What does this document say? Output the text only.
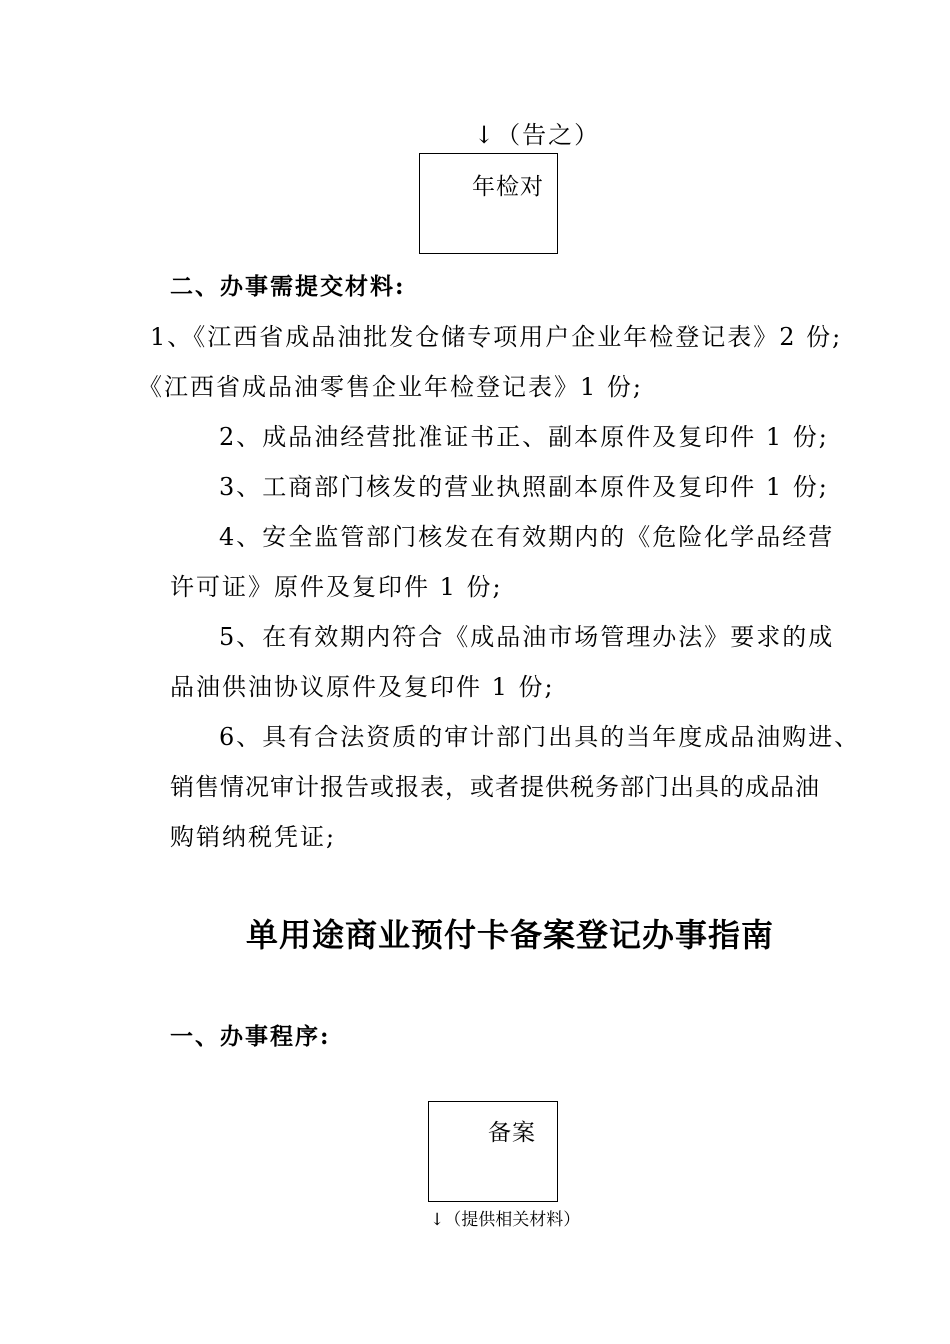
↓（告之）
年检对
二、办事需提交材料:
1、《江西省成品油批发仓储专项用户企业年检登记表》2 份;
《江西省成品油零售企业年检登记表》1 份;
2、成品油经营批准证书正、副本原件及复印件 1 份;
3、工商部门核发的营业执照副本原件及复印件 1 份;
4、安全监管部门核发在有效期内的《危险化学品经营
许可证》原件及复印件 1 份;
5、在有效期内符合《成品油市场管理办法》要求的成
品油供油协议原件及复印件 1 份;
6、具有合法资质的审计部门出具的当年度成品油购进、
销售情况审计报告或报表，或者提供税务部门出具的成品油
购销纳税凭证;
单用途商业预付卡备案登记办事指南
一、办事程序:
备案
↓（提供相关材料）
